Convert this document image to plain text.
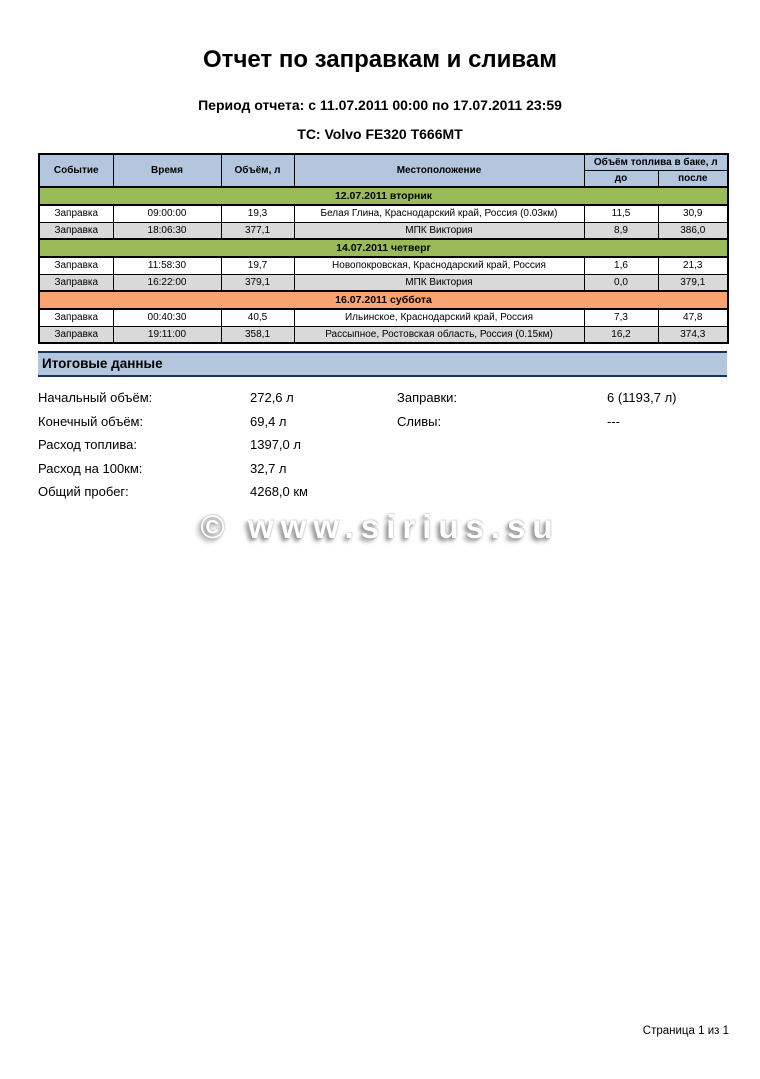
Отчет по заправкам и сливам
Период отчета: с 11.07.2011 00:00 по 17.07.2011 23:59
ТС: Volvo FE320 Т666МТ
Событие	Время	Объём, л	Местоположение	Объём топлива в баке, л	
				до	после
12.07.2011 вторник					
Заправка	09:00:00	19,3	Белая Глина, Краснодарский край, Россия (0.03км)	11,5	30,9
Заправка	18:06:30	377,1	МПК Виктория	8,9	386,0
14.07.2011 четверг					
Заправка	11:58:30	19,7	Новопокровская, Краснодарский край, Россия	1,6	21,3
Заправка	16:22:00	379,1	МПК Виктория	0,0	379,1
16.07.2011 суббота					
Заправка	00:40:30	40,5	Ильинское, Краснодарский край, Россия	7,3	47,8
Заправка	19:11:00	358,1	Рассыпное, Ростовская область, Россия (0.15км)	16,2	374,3
Итоговые данные
Начальный объём:	272,6 л	Заправки:	6 (1193,7 л)
Конечный объём:	69,4 л	Сливы:	---
Расход топлива:	1397,0 л
Расход на 100км:	32,7 л
Общий пробег:	4268,0 км
© www.sirius.su
Страница 1 из 1
